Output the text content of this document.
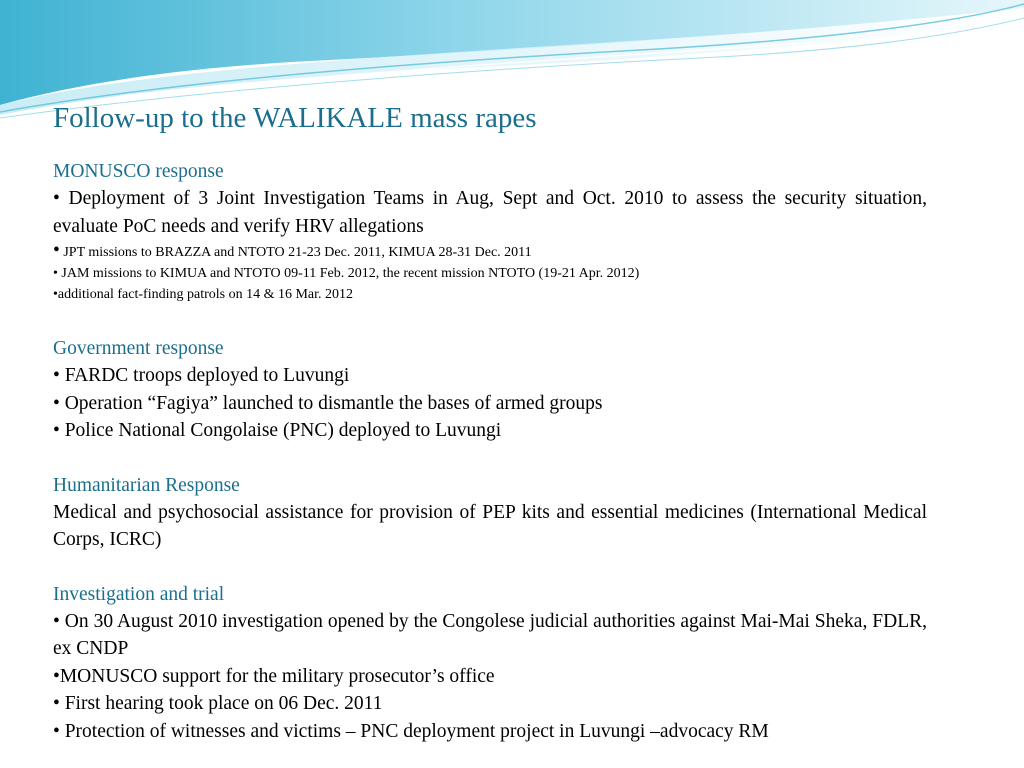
Follow-up to the WALIKALE mass rapes

MONUSCO response

• Deployment of 3 Joint Investigation Teams in Aug, Sept and Oct. 2010 to assess the security situation, evaluate PoC needs and verify HRV allegations

• JPT missions to BRAZZA and NTOTO 21-23 Dec. 2011, KIMUA 28-31 Dec. 2011

• JAM missions to KIMUA and NTOTO 09-11 Feb. 2012, the recent mission NTOTO (19-21 Apr. 2012)

•additional fact-finding patrols on 14 & 16 Mar. 2012

Government response

• FARDC troops deployed to Luvungi

• Operation “Fagiya” launched to dismantle the bases of armed groups

• Police National Congolaise (PNC) deployed to Luvungi

Humanitarian Response

Medical and psychosocial assistance for provision of PEP kits and essential medicines (International Medical Corps, ICRC)

Investigation and trial

• On 30 August 2010 investigation opened by the Congolese judicial authorities against Mai-Mai Sheka, FDLR, ex CNDP

•MONUSCO support for the military prosecutor’s office

• First hearing took place on 06 Dec. 2011

• Protection of witnesses and victims – PNC deployment project in Luvungi –advocacy RM
